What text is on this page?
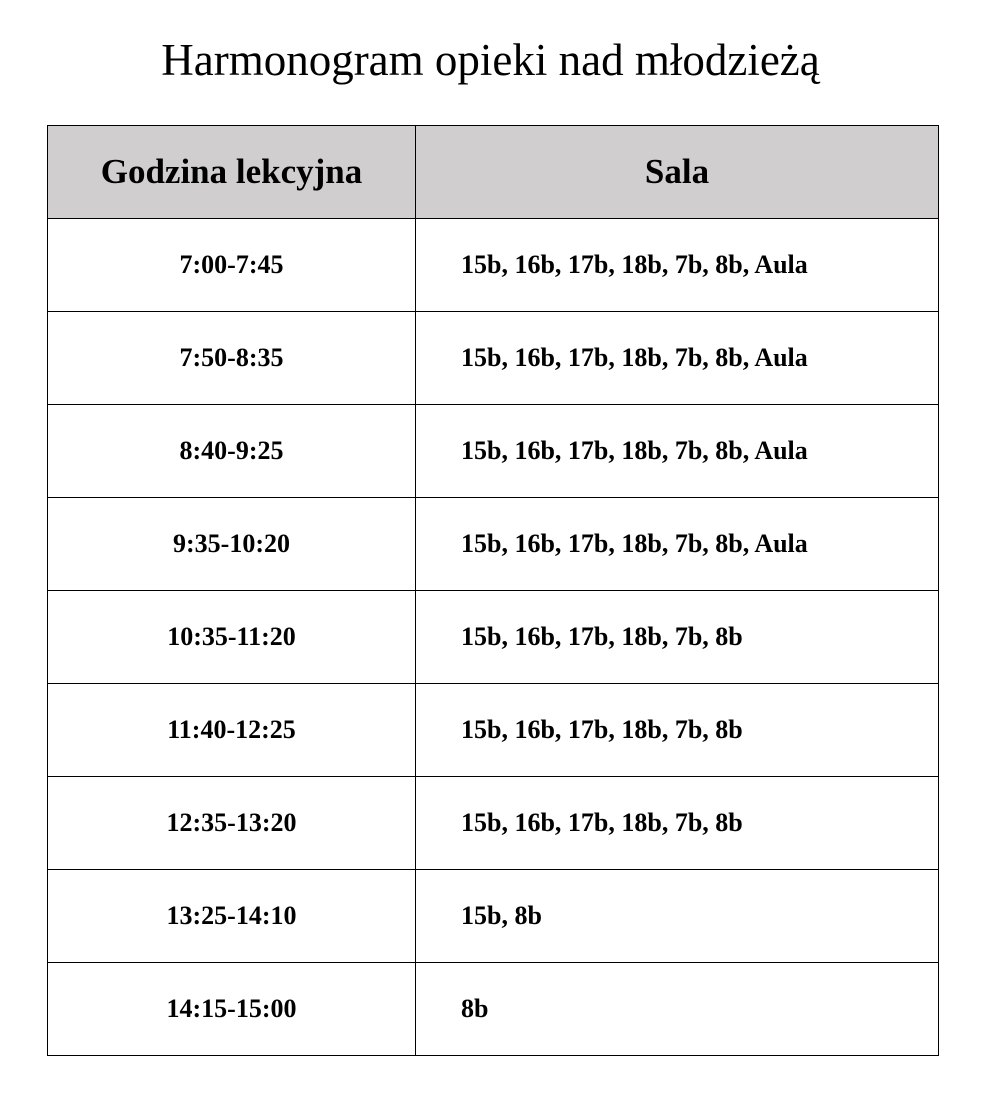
Harmonogram opieki nad młodzieżą
Godzina lekcyjna	Sala
7:00-7:45	15b, 16b, 17b, 18b, 7b, 8b, Aula
7:50-8:35	15b, 16b, 17b, 18b, 7b, 8b, Aula
8:40-9:25	15b, 16b, 17b, 18b, 7b, 8b, Aula
9:35-10:20	15b, 16b, 17b, 18b, 7b, 8b, Aula
10:35-11:20	15b, 16b, 17b, 18b, 7b, 8b
11:40-12:25	15b, 16b, 17b, 18b, 7b, 8b
12:35-13:20	15b, 16b, 17b, 18b, 7b, 8b
13:25-14:10	15b, 8b
14:15-15:00	8b
